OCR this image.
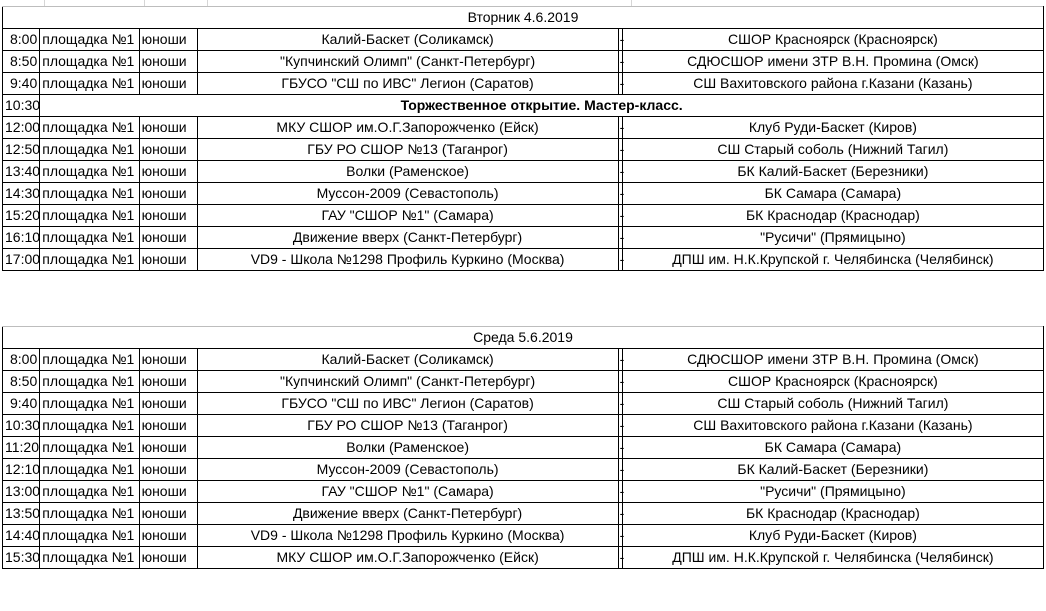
Вторник 4.6.2019					
8:00	площадка №1	юноши	Калий-Баскет (Соликамск)	-	СШОР Красноярск (Красноярск)
8:50	площадка №1	юноши	"Купчинский Олимп" (Санкт-Петербург)	-	СДЮСШОР имени ЗТР В.Н. Промина (Омск)
9:40	площадка №1	юноши	ГБУСО "СШ по ИВС" Легион (Саратов)	-	СШ Вахитовского района г.Казани (Казань)
10:30	Торжественное открытие. Мастер-класс.				
12:00	площадка №1	юноши	МКУ СШОР им.О.Г.Запорожченко (Ейск)	-	Клуб Руди-Баскет (Киров)
12:50	площадка №1	юноши	ГБУ РО СШОР №13 (Таганрог)	-	СШ Старый соболь (Нижний Тагил)
13:40	площадка №1	юноши	Волки (Раменское)	-	БК Калий-Баскет (Березники)
14:30	площадка №1	юноши	Муссон-2009 (Севастополь)	-	БК Самара (Самара)
15:20	площадка №1	юноши	ГАУ "СШОР №1" (Самара)	-	БК Краснодар (Краснодар)
16:10	площадка №1	юноши	Движение вверх (Санкт-Петербург)	-	"Русичи" (Прямицыно)
17:00	площадка №1	юноши	VD9 - Школа №1298 Профиль Куркино (Москва)	-	ДПШ им. Н.К.Крупской г. Челябинска (Челябинск)
Среда 5.6.2019					
8:00	площадка №1	юноши	Калий-Баскет (Соликамск)	-	СДЮСШОР имени ЗТР В.Н. Промина (Омск)
8:50	площадка №1	юноши	"Купчинский Олимп" (Санкт-Петербург)	-	СШОР Красноярск (Красноярск)
9:40	площадка №1	юноши	ГБУСО "СШ по ИВС" Легион (Саратов)	-	СШ Старый соболь (Нижний Тагил)
10:30	площадка №1	юноши	ГБУ РО СШОР №13 (Таганрог)	-	СШ Вахитовского района г.Казани (Казань)
11:20	площадка №1	юноши	Волки (Раменское)	-	БК Самара (Самара)
12:10	площадка №1	юноши	Муссон-2009 (Севастополь)	-	БК Калий-Баскет (Березники)
13:00	площадка №1	юноши	ГАУ "СШОР №1" (Самара)	-	"Русичи" (Прямицыно)
13:50	площадка №1	юноши	Движение вверх (Санкт-Петербург)	-	БК Краснодар (Краснодар)
14:40	площадка №1	юноши	VD9 - Школа №1298 Профиль Куркино (Москва)	-	Клуб Руди-Баскет (Киров)
15:30	площадка №1	юноши	МКУ СШОР им.О.Г.Запорожченко (Ейск)	-	ДПШ им. Н.К.Крупской г. Челябинска (Челябинск)
